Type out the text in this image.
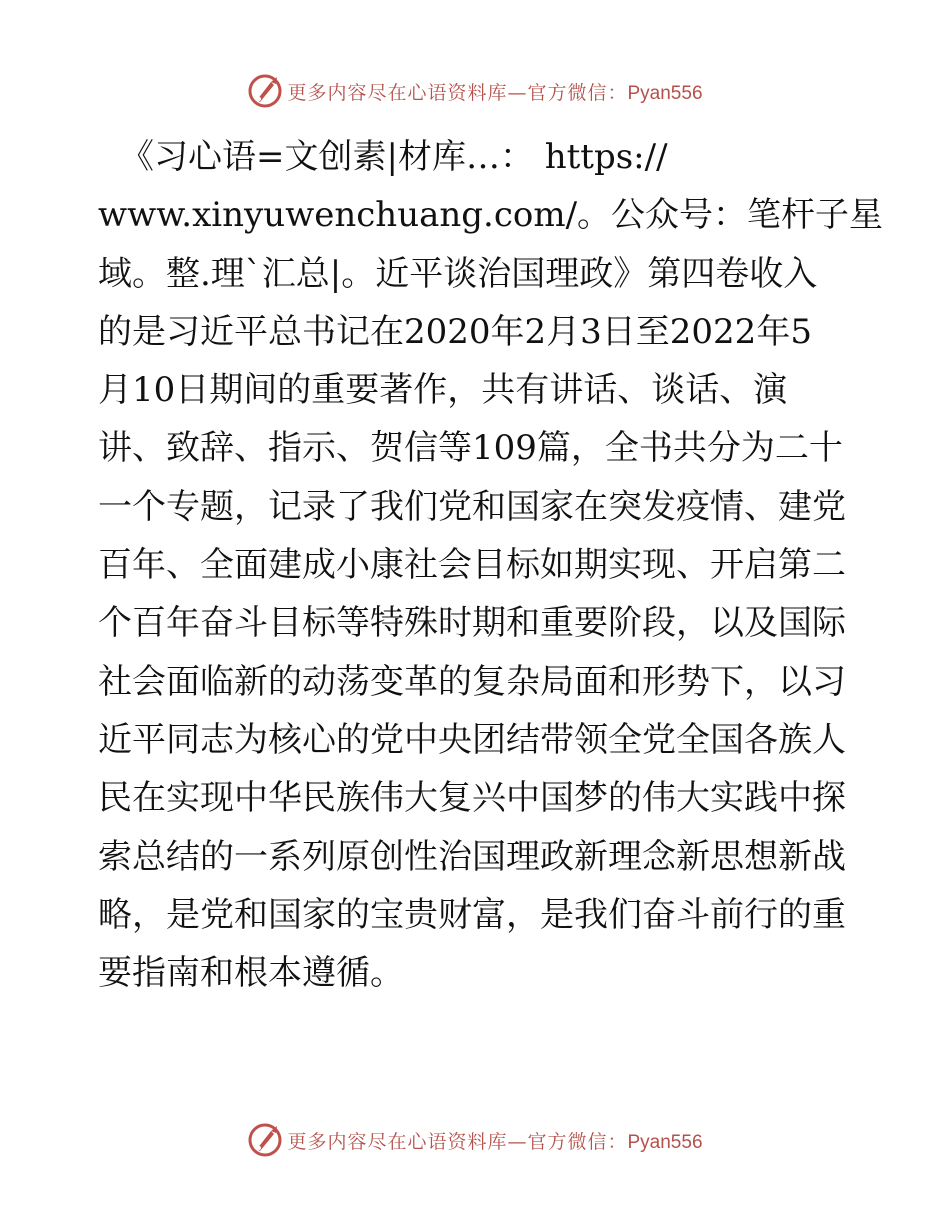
更多内容尽在心语资料库—官方微信：Pyan556
《习心语=文创素|材库…： https://
www.xinyuwenchuang.com/。公众号：笔杆子星
域。整.理`汇总|。近平谈治国理政》第四卷收入
的是习近平总书记在2020年2月3日至2022年5
月10日期间的重要著作，共有讲话、谈话、演
讲、致辞、指示、贺信等109篇，全书共分为二十
一个专题，记录了我们党和国家在突发疫情、建党
百年、全面建成小康社会目标如期实现、开启第二
个百年奋斗目标等特殊时期和重要阶段，以及国际
社会面临新的动荡变革的复杂局面和形势下，以习
近平同志为核心的党中央团结带领全党全国各族人
民在实现中华民族伟大复兴中国梦的伟大实践中探
索总结的一系列原创性治国理政新理念新思想新战
略，是党和国家的宝贵财富，是我们奋斗前行的重
要指南和根本遵循。
更多内容尽在心语资料库—官方微信：Pyan556
